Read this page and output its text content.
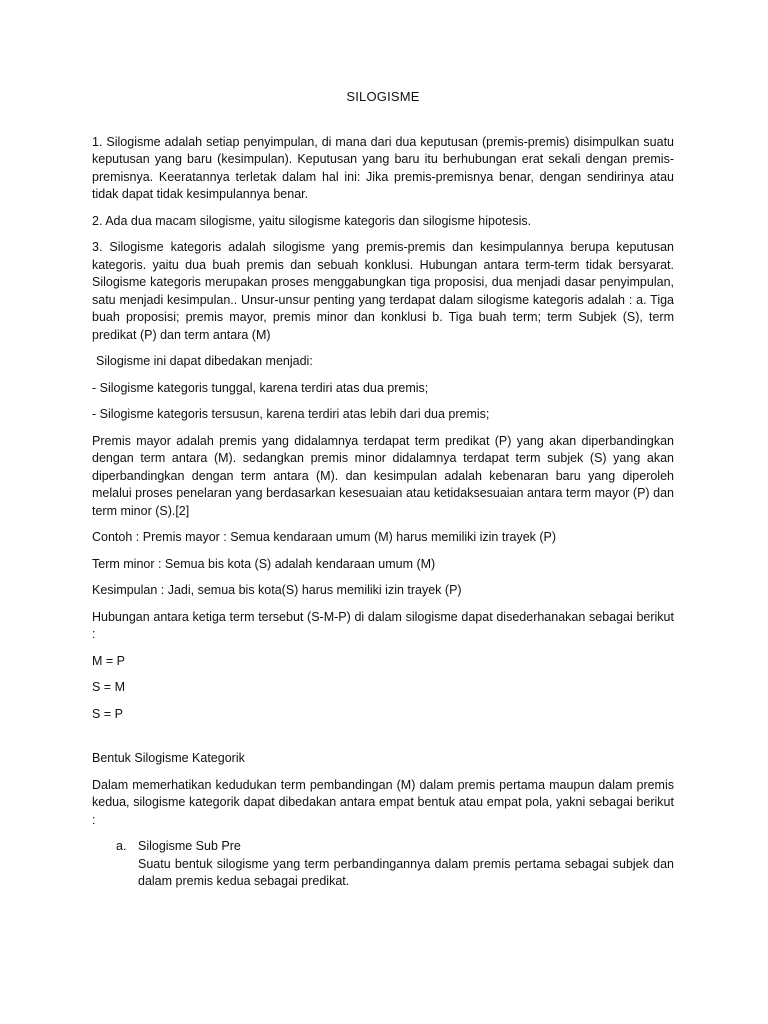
SILOGISME

1. Silogisme adalah setiap penyimpulan, di mana dari dua keputusan (premis-premis) disimpulkan suatu keputusan yang baru (kesimpulan). Keputusan yang baru itu berhubungan erat sekali dengan premis-premisnya. Keeratannya terletak dalam hal ini: Jika premis-premisnya benar, dengan sendirinya atau tidak dapat tidak kesimpulannya benar.

2. Ada dua macam silogisme, yaitu silogisme kategoris dan silogisme hipotesis.

3. Silogisme kategoris adalah silogisme yang premis-premis dan kesimpulannya berupa keputusan kategoris. yaitu dua buah premis dan sebuah konklusi. Hubungan antara term-term tidak bersyarat. Silogisme kategoris merupakan proses menggabungkan tiga proposisi, dua menjadi dasar penyimpulan, satu menjadi kesimpulan.. Unsur-unsur penting yang terdapat dalam silogisme kategoris adalah : a. Tiga buah proposisi; premis mayor, premis minor dan konklusi b. Tiga buah term; term Subjek (S), term predikat (P) dan term antara (M)

Silogisme ini dapat dibedakan menjadi:

- Silogisme kategoris tunggal, karena terdiri atas dua premis;

- Silogisme kategoris tersusun, karena terdiri atas lebih dari dua premis;

Premis mayor adalah premis yang didalamnya terdapat term predikat (P) yang akan diperbandingkan dengan term antara (M). sedangkan premis minor didalamnya terdapat term subjek (S) yang akan diperbandingkan dengan term antara (M). dan kesimpulan adalah kebenaran baru yang diperoleh melalui proses penelaran yang berdasarkan kesesuaian atau ketidaksesuaian antara term mayor (P) dan term minor (S).[2]

Contoh : Premis mayor : Semua kendaraan umum (M) harus memiliki izin trayek (P)

Term minor : Semua bis kota (S) adalah kendaraan umum (M)

Kesimpulan : Jadi, semua bis kota(S) harus memiliki izin trayek (P)

Hubungan antara ketiga term tersebut (S-M-P) di dalam silogisme dapat disederhanakan sebagai berikut :

M = P

S = M

S = P

Bentuk Silogisme Kategorik

Dalam memerhatikan kedudukan term pembandingan (M) dalam premis pertama maupun dalam premis kedua, silogisme kategorik dapat dibedakan antara empat bentuk atau empat pola, yakni sebagai berikut :

a. Silogisme Sub Pre

Suatu bentuk silogisme yang term perbandingannya dalam premis pertama sebagai subjek dan dalam premis kedua sebagai predikat.
